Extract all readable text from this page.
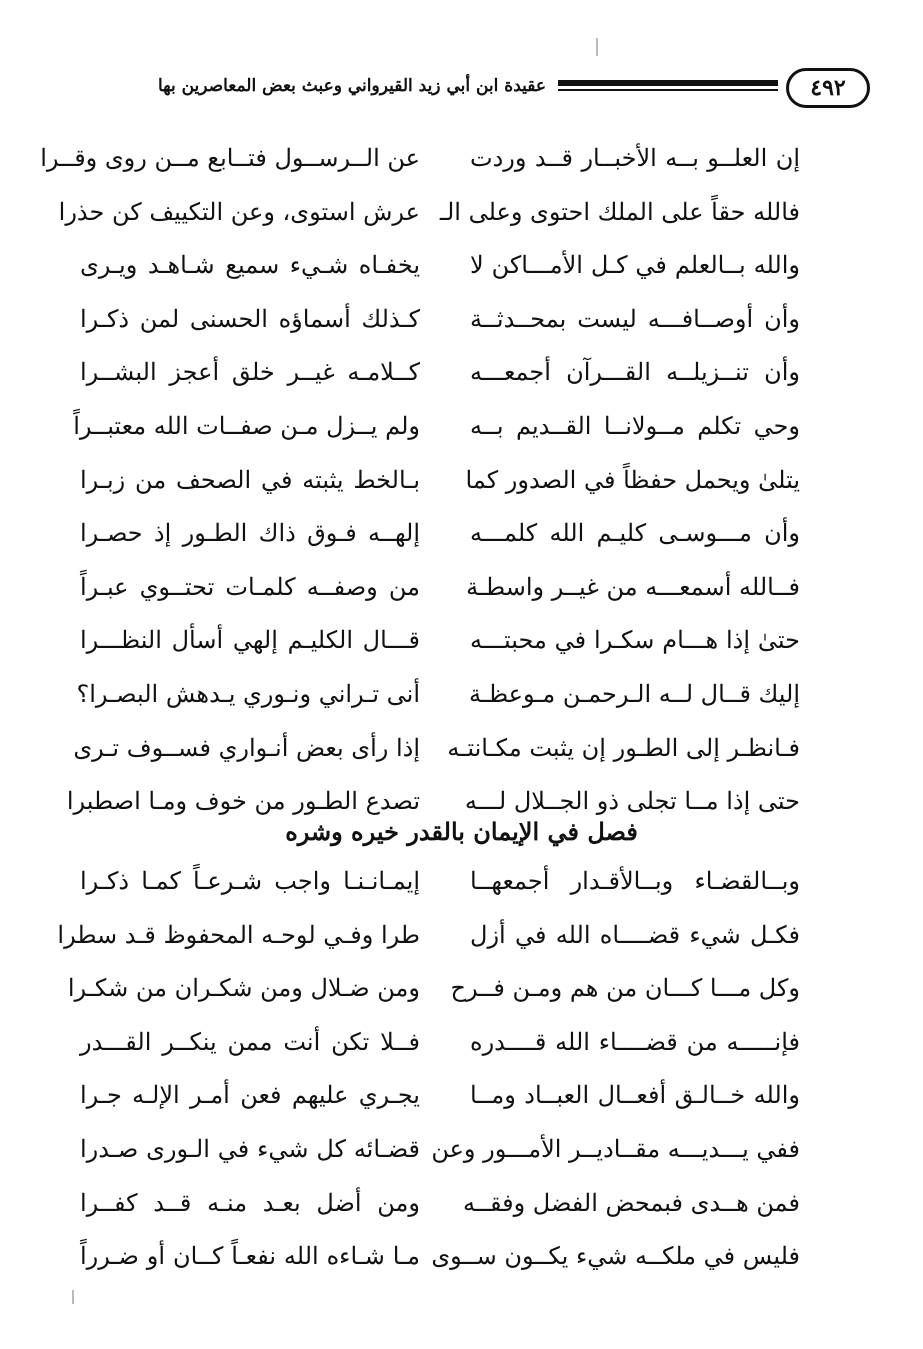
٤٩٢
عقيدة ابن أبي زيد القيرواني وعبث بعض المعاصرين بها
إن العلــو بــه الأخبــار قــد وردت
عن الــرســول فتــابع مــن روى وقــرا
فالله حقاً على الملك احتوى وعلى الـ
عرش استوى، وعن التكييف كن حذرا
والله بــالعلم في كـل الأمـــاكن لا
يخفـاه شـيء سميع شـاهـد ويـرى
وأن أوصــافـــه ليست بمحــدثــة
كـذلك أسماؤه الحسنى لمن ذكـرا
وأن تنــزيلــه القـــرآن أجمعـــه
كــلامـه غيــر خلق أعجز البشــرا
وحي تكلم مــولانــا القــديم بــه
ولم يــزل مـن صفــات الله معتبــراً
يتلىٰ ويحمل حفظاً في الصدور كما
بـالخط يثبته في الصحف من زبـرا
وأن مـــوسـى كليـم الله كلمـــه
إلهــه فـوق ذاك الطـور إذ حصـرا
فــالله أسمعـــه من غيــر واسطـة
من وصفــه كلمـات تحتــوي عبـراً
حتىٰ إذا هـــام سكـرا في محبتـــه
قـــال الكليـم إلهي أسأل النظـــرا
إليك قــال لــه الـرحمـن مـوعظـة
أنى تـراني ونـوري يـدهش البصـرا؟
فـانظـر إلى الطـور إن يثبت مكـانتـه
إذا رأى بعض أنـواري فســوف تـرى
حتى إذا مــا تجلى ذو الجــلال لـــه
تصدع الطـور من خوف ومـا اصطبرا
فصل في الإيمان بالقدر خيره وشره
وبــالقضـاء وبــالأقـدار أجمعهــا
إيمـانـنـا واجب شـرعـاً كمـا ذكـرا
فكـل شيء قضــــاه الله في أزل
طرا وفـي لوحـه المحفوظ قـد سطرا
وكل مـــا كـــان من هم ومـن فــرح
ومن ضـلال ومن شكـران من شكـرا
فإنـــــه من قضــــاء الله قــــدره
فــلا تكن أنت ممن ينكــر القـــدر
والله خــالـق أفعــال العبــاد ومــا
يجـري عليهم فعن أمـر الإلـه جـرا
ففي يـــديـــه مقــاديــر الأمـــور وعن
قضـائه كل شيء في الـورى صـدرا
فمن هــدى فبمحض الفضل وفقــه
ومن أضل بعـد منـه قــد كفــرا
فليس في ملكــه شيء يكــون ســوى
مـا شـاءه الله نفعـاً كــان أو ضـرراً
